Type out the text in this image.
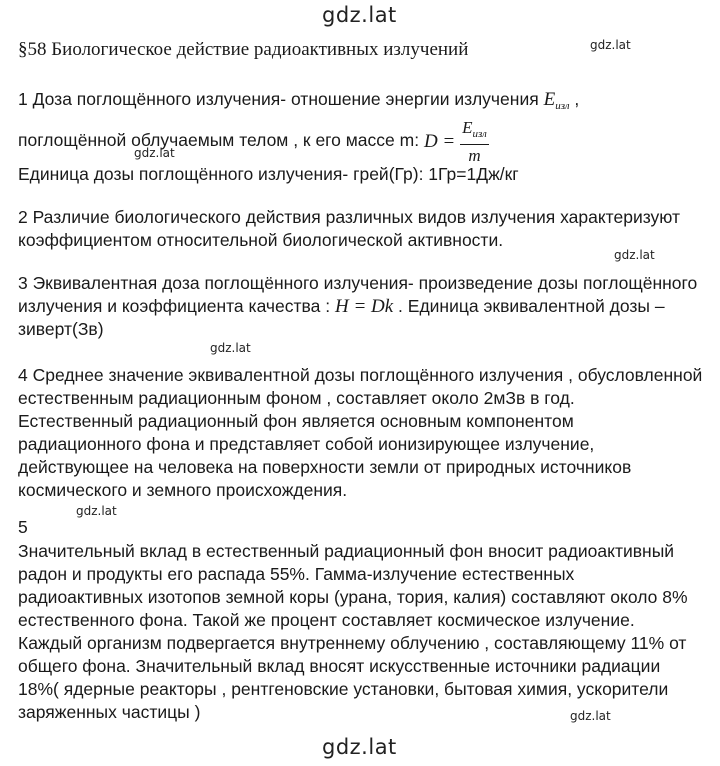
gdz.lat
gdz.lat
gdz.lat
gdz.lat
gdz.lat
gdz.lat
gdz.lat
gdz.lat
§58 Биологическое действие радиоактивных излучений
1 Доза поглощённого излучения- отношение энергии излучения $E_{изл}$ ,
поглощённой облучаемым телом , к его массе m: $D = \frac{E_{изл}}{m}$
Единица дозы поглощённого излучения- грей(Гр): 1Гр=1Дж/кг
2 Различие биологического действия различных видов излучения характеризуют
коэффициентом относительной биологической активности.
3 Эквивалентная доза поглощённого излучения- произведение дозы поглощённого
излучения и коэффициента качества : H = Dk . Единица эквивалентной дозы –
зиверт(Зв)
4 Среднее значение эквивалентной дозы поглощённого излучения , обусловленной
естественным радиационным фоном , составляет около 2мЗв в год.
Естественный радиационный фон является основным компонентом
радиационного фона и представляет собой ионизирующее излучение,
действующее на человека на поверхности земли от природных источников
космического и земного происхождения.
5
Значительный вклад в естественный радиационный фон вносит радиоактивный
радон и продукты его распада 55%. Гамма-излучение естественных
радиоактивных изотопов земной коры (урана, тория, калия) составляют около 8%
естественного фона. Такой же процент составляет космическое излучение.
Каждый организм подвергается внутреннему облучению , составляющему 11% от
общего фона. Значительный вклад вносят искусственные источники радиации
18%( ядерные реакторы , рентгеновские установки, бытовая химия, ускорители
заряженных частицы )
